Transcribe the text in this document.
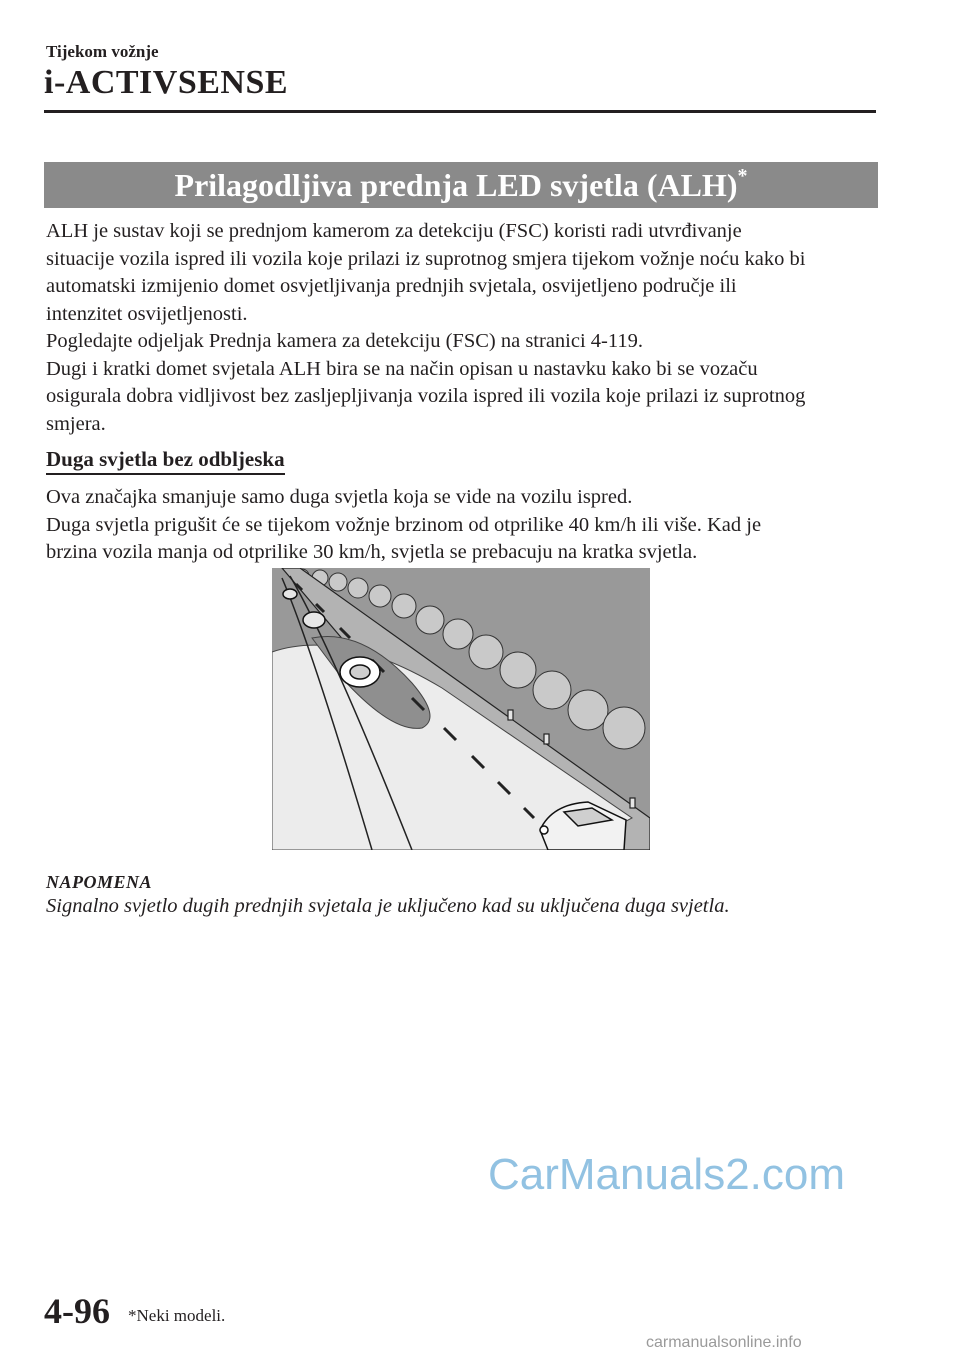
Tijekom vožnje
i-ACTIVSENSE
Prilagodljiva prednja LED svjetla (ALH)*

ALH je sustav koji se prednjom kamerom za detekciju (FSC) koristi radi utvrđivanje

situacije vozila ispred ili vozila koje prilazi iz suprotnog smjera tijekom vožnje noću kako bi

automatski izmijenio domet osvjetljivanja prednjih svjetala, osvijetljeno područje ili

intenzitet osvijetljenosti.

Pogledajte odjeljak Prednja kamera za detekciju (FSC) na stranici 4-119.

Dugi i kratki domet svjetala ALH bira se na način opisan u nastavku kako bi se vozaču

osigurala dobra vidljivost bez zasljepljivanja vozila ispred ili vozila koje prilazi iz suprotnog

smjera.

Duga svjetla bez odbljeska

Ova značajka smanjuje samo duga svjetla koja se vide na vozilu ispred.

Duga svjetla prigušit će se tijekom vožnje brzinom od otprilike 40 km/h ili više. Kad je

brzina vozila manja od otprilike 30 km/h, svjetla se prebacuju na kratka svjetla.

NAPOMENA
Signalno svjetlo dugih prednjih svjetala je uključeno kad su uključena duga svjetla.
CarManuals2.com
4-96 *Neki modeli.
carmanualsonline.info
